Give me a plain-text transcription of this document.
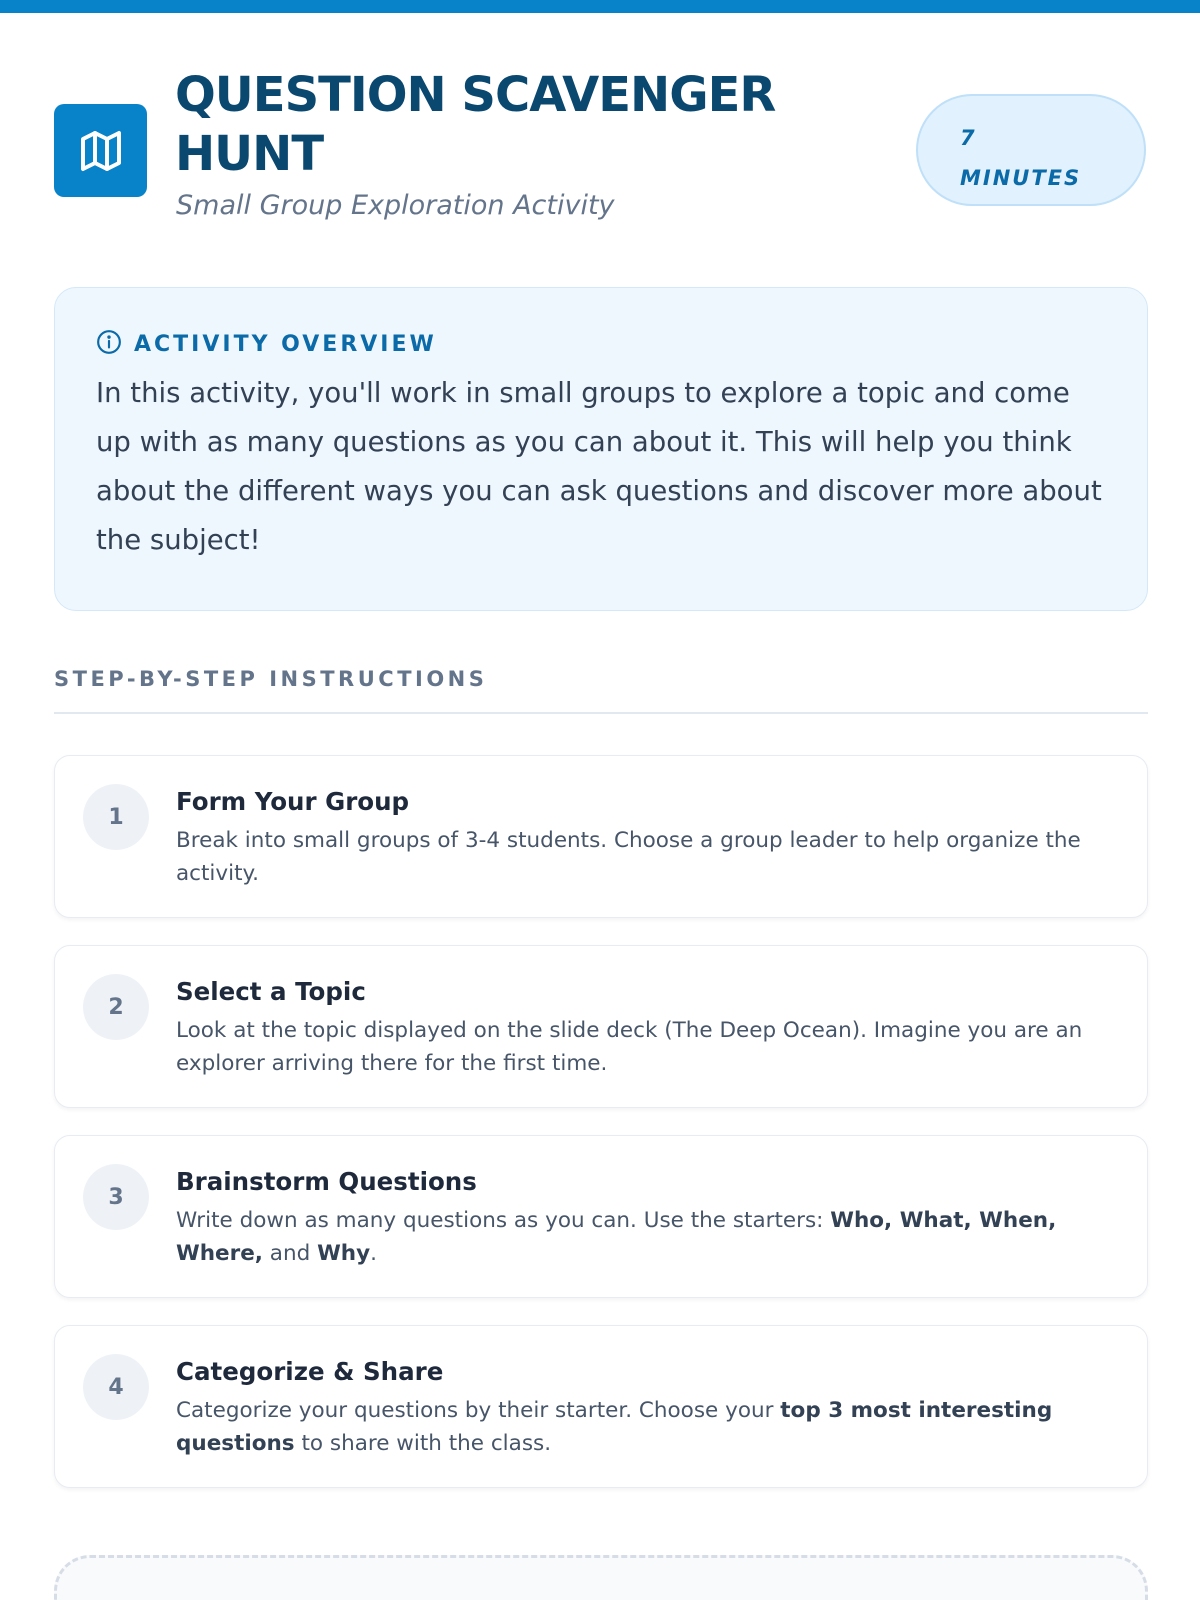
QUESTION SCAVENGER HUNT
Small Group Exploration Activity
7
MINUTES
ACTIVITY OVERVIEW

In this activity, you'll work in small groups to explore a topic and come up with as many questions as you can about it. This will help you think about the different ways you can ask questions and discover more about the subject!

STEP-BY-STEP INSTRUCTIONS
1
Form Your Group
Break into small groups of 3-4 students. Choose a group leader to help organize the activity.
2
Select a Topic
Look at the topic displayed on the slide deck (The Deep Ocean). Imagine you are an explorer arriving there for the first time.
3
Brainstorm Questions
Write down as many questions as you can. Use the starters: Who, What, When, Where, and Why.
4
Categorize & Share
Categorize your questions by their starter. Choose your top 3 most interesting questions to share with the class.
